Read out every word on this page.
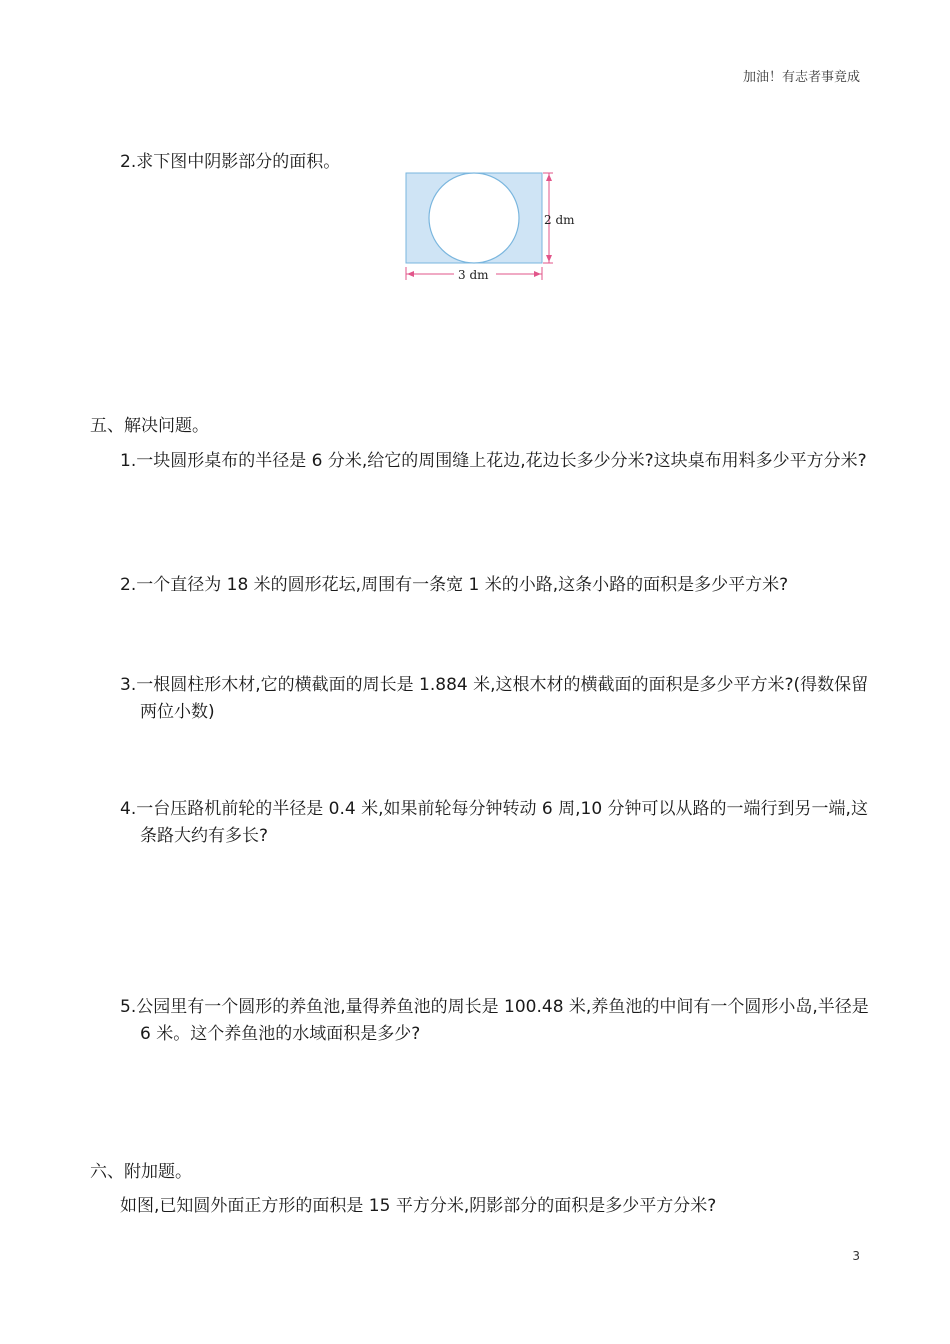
加油！有志者事竟成
2.求下图中阴影部分的面积。
2 dm
3 dm
五、解决问题。
1.一块圆形桌布的半径是 6 分米,给它的周围缝上花边,花边长多少分米?这块桌布用料多少平方分米?
2.一个直径为 18 米的圆形花坛,周围有一条宽 1 米的小路,这条小路的面积是多少平方米?
3.一根圆柱形木材,它的横截面的周长是 1.884 米,这根木材的横截面的面积是多少平方米?(得数保留两位小数)
4.一台压路机前轮的半径是 0.4 米,如果前轮每分钟转动 6 周,10 分钟可以从路的一端行到另一端,这条路大约有多长?
5.公园里有一个圆形的养鱼池,量得养鱼池的周长是 100.48 米,养鱼池的中间有一个圆形小岛,半径是 6 米。这个养鱼池的水域面积是多少?
六、附加题。
如图,已知圆外面正方形的面积是 15 平方分米,阴影部分的面积是多少平方分米?
3
